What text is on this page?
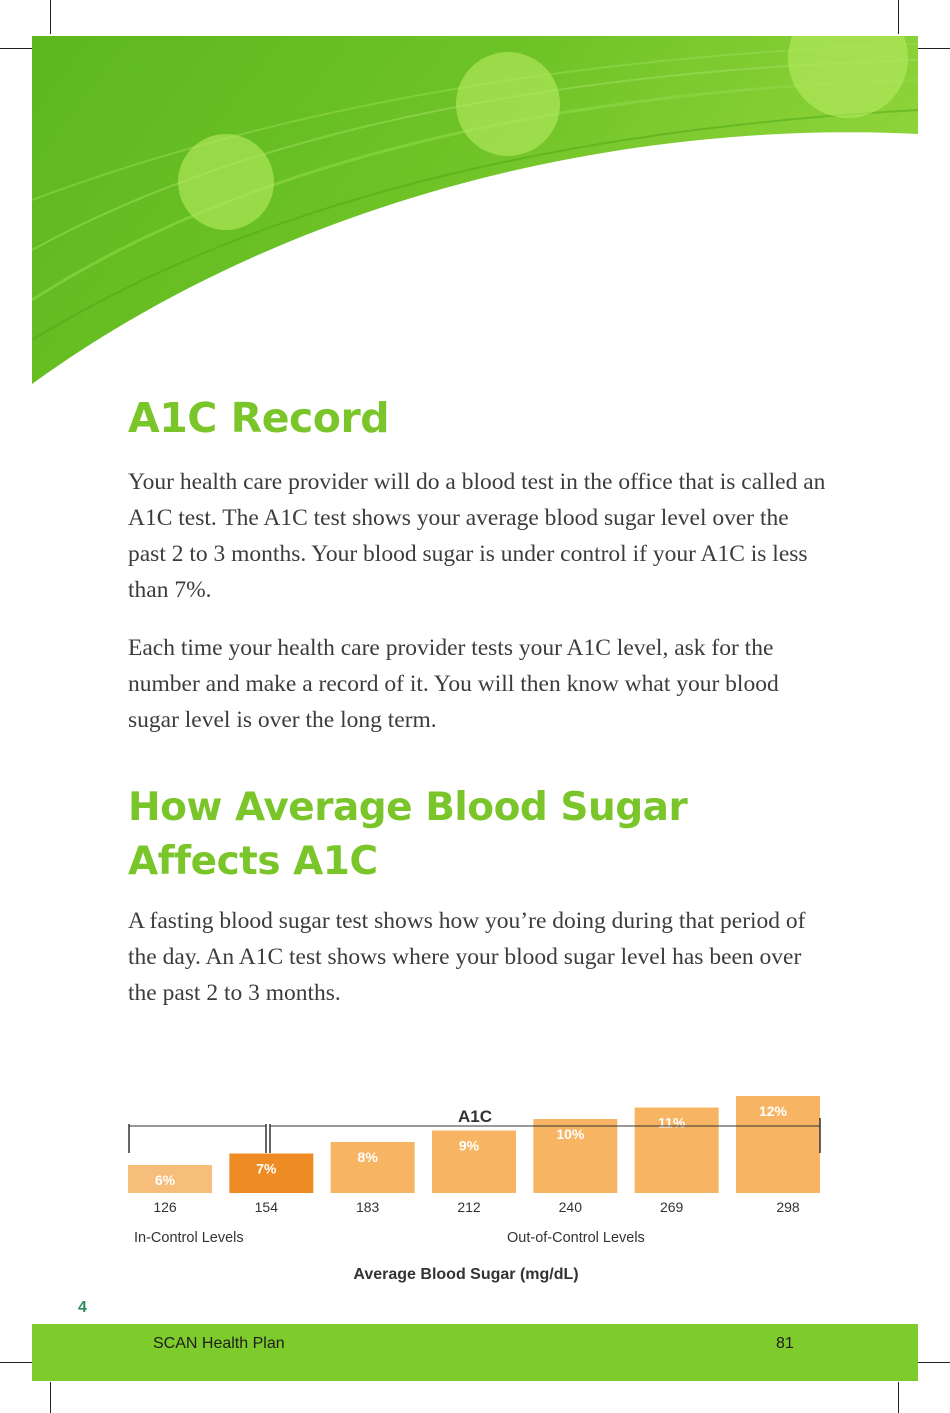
A1C Record

Your health care provider will do a blood test in the office that is called an A1C test. The A1C test shows your average blood sugar level over the past 2 to 3 months. Your blood sugar is under control if your A1C is less than 7%.

Each time your health care provider tests your A1C level, ask for the number and make a record of it. You will then know what your blood sugar level is over the long term.

How Average Blood Sugar
Affects A1C

A fasting blood sugar test shows how you’re doing during that period of the day. An A1C test shows where your blood sugar level has been over the past 2 to 3 months.

A1C
6%
7%
8%
9%
10%
11%
12%
126	154	183	212	240	269	298
In-Control Levels	Out-of-Control Levels
Average Blood Sugar (mg/dL)
4
SCAN Health Plan	81
